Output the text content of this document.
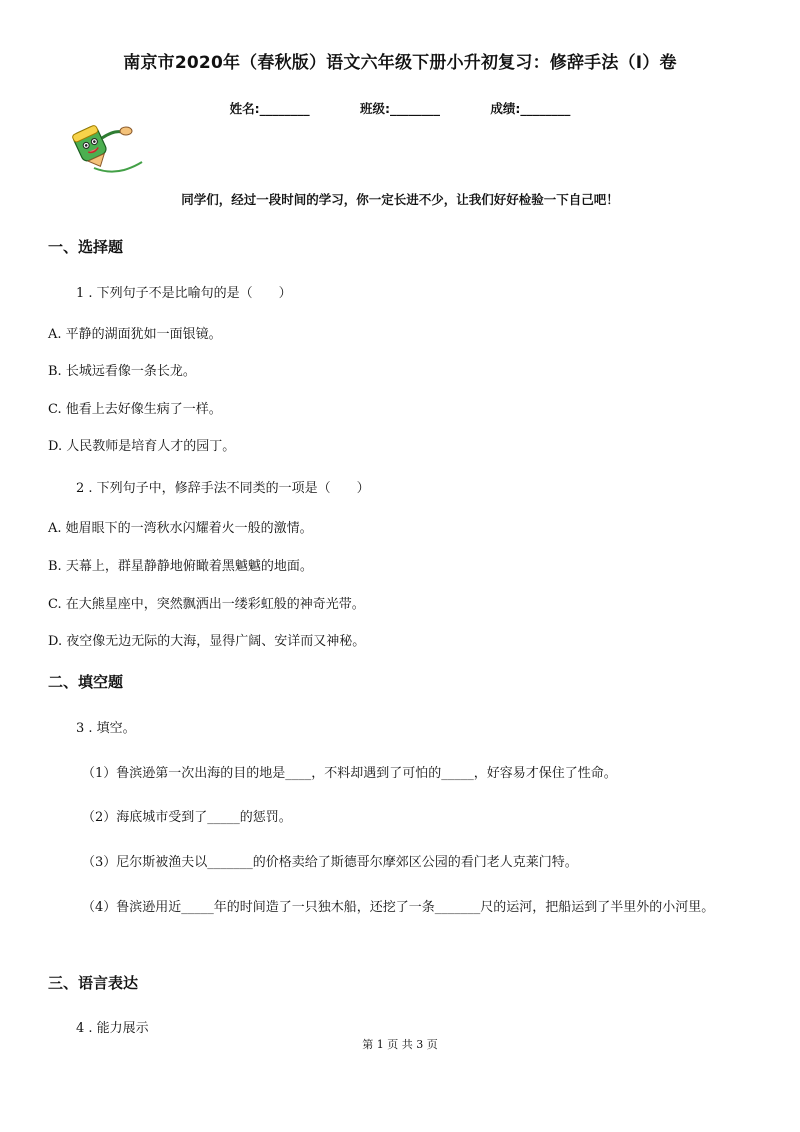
南京市2020年（春秋版）语文六年级下册小升初复习：修辞手法（I）卷
姓名:________	班级:________	成绩:________
同学们，经过一段时间的学习，你一定长进不少，让我们好好检验一下自己吧！
一、选择题
1 . 下列句子不是比喻句的是（　　）
A. 平静的湖面犹如一面银镜。
B. 长城远看像一条长龙。
C. 他看上去好像生病了一样。
D. 人民教师是培育人才的园丁。
2 . 下列句子中，修辞手法不同类的一项是（　　）
A. 她眉眼下的一湾秋水闪耀着火一般的激情。
B. 天幕上，群星静静地俯瞰着黑魆魆的地面。
C. 在大熊星座中，突然飘洒出一缕彩虹般的神奇光带。
D. 夜空像无边无际的大海，显得广阔、安详而又神秘。
二、填空题
3 . 填空。
（1）鲁滨逊第一次出海的目的地是____，不料却遇到了可怕的_____，好容易才保住了性命。
（2）海底城市受到了_____的惩罚。
（3）尼尔斯被渔夫以_______的价格卖给了斯德哥尔摩郊区公园的看门老人克莱门特。
（4）鲁滨逊用近_____年的时间造了一只独木船，还挖了一条_______尺的运河，把船运到了半里外的小河里。
三、语言表达
4 . 能力展示
第 1 页 共 3 页
